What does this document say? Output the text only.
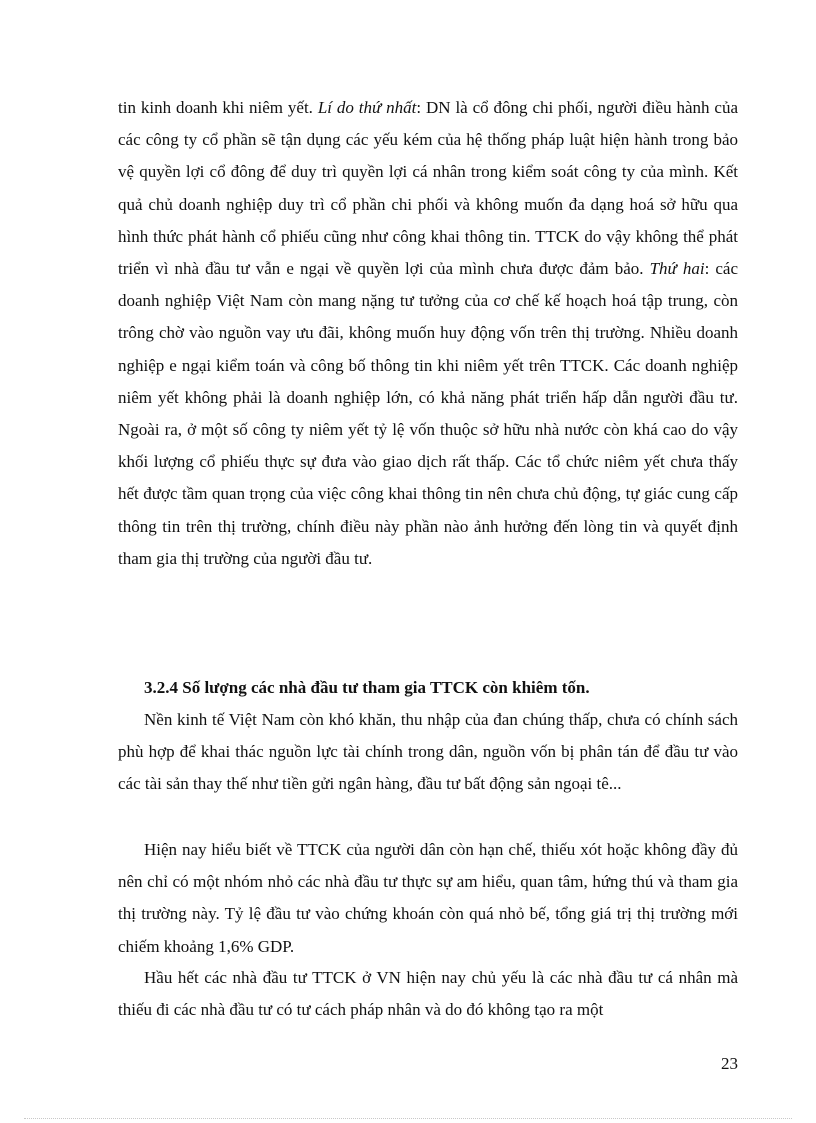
tin kinh doanh khi niêm yết. Lí do thứ nhất: DN là cổ đông chi phối, người điều hành của các công ty cổ phần sẽ tận dụng các yếu kém của hệ thống pháp luật hiện hành trong bảo vệ quyền lợi cổ đông để duy trì quyền lợi cá nhân trong kiểm soát công ty của mình. Kết quả chủ doanh nghiệp duy trì cổ phần chi phối và không muốn đa dạng hoá sở hữu qua hình thức phát hành cổ phiếu cũng như công khai thông tin. TTCK do vậy không thể phát triển vì nhà đầu tư vẫn e ngại về quyền lợi của mình chưa được đảm bảo. Thứ hai: các doanh nghiệp Việt Nam còn mang nặng tư tưởng của cơ chế kế hoạch hoá tập trung, còn trông chờ vào nguồn vay ưu đãi, không muốn huy động vốn trên thị trường. Nhiều doanh nghiệp e ngại kiểm toán và công bố thông tin khi niêm yết trên TTCK. Các doanh nghiệp niêm yết không phải là doanh nghiệp lớn, có khả năng phát triển hấp dẫn người đầu tư. Ngoài ra, ở một số công ty niêm yết tỷ lệ vốn thuộc sở hữu nhà nước còn khá cao do vậy khối lượng cổ phiếu thực sự đưa vào giao dịch rất thấp. Các tổ chức niêm yết chưa thấy hết được tầm quan trọng của việc công khai thông tin nên chưa chủ động, tự giác cung cấp thông tin trên thị trường, chính điều này phần nào ảnh hưởng đến lòng tin và quyết định tham gia thị trường của người đầu tư.

3.2.4 Số lượng các nhà đầu tư tham gia TTCK còn khiêm tốn.

Nền kinh tế Việt Nam còn khó khăn, thu nhập của đan chúng thấp, chưa có chính sách phù hợp để khai thác nguồn lực tài chính trong dân, nguồn vốn bị phân tán để đầu tư vào các tài sản thay thế như tiền gửi ngân hàng, đầu tư bất động sản ngoại tê...

Hiện nay hiểu biết về TTCK của người dân còn hạn chế, thiếu xót hoặc không đầy đủ nên chỉ có một nhóm nhỏ các nhà đầu tư thực sự am hiểu, quan tâm, hứng thú và tham gia thị trường này. Tỷ lệ đầu tư vào chứng khoán còn quá nhỏ bế, tổng giá trị thị trường mới chiếm khoảng 1,6% GDP.

Hầu hết các nhà đầu tư TTCK ở VN hiện nay chủ yếu là các nhà đầu tư cá nhân mà thiếu đi các nhà đầu tư có tư cách pháp nhân và do đó không tạo ra một

23
